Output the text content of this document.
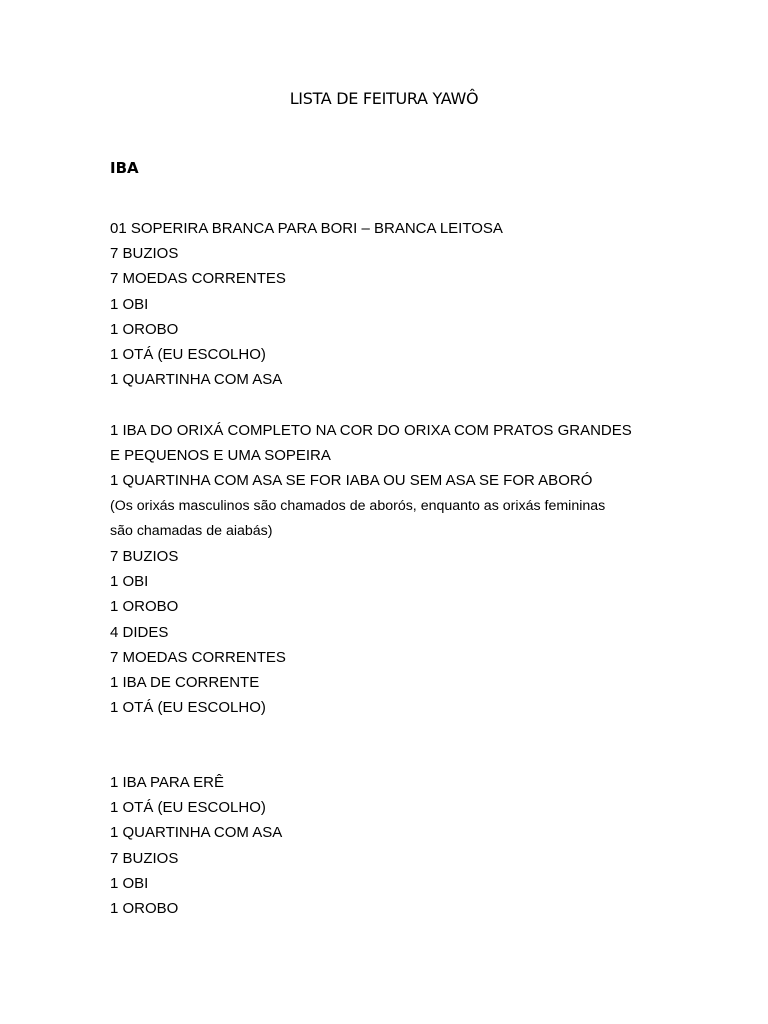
LISTA DE FEITURA YAWÔ
IBA
01 SOPERIRA BRANCA PARA BORI – BRANCA LEITOSA
7 BUZIOS
7 MOEDAS CORRENTES
1 OBI
1 OROBO
1 OTÁ (EU ESCOLHO)
1 QUARTINHA COM ASA
1 IBA DO ORIXÁ COMPLETO NA COR DO ORIXA COM PRATOS GRANDES
E PEQUENOS E UMA SOPEIRA
1 QUARTINHA COM ASA SE FOR IABA OU SEM ASA SE FOR ABORÓ
(Os orixás masculinos são chamados de aborós, enquanto as orixás femininas
são chamadas de aiabás)
7 BUZIOS
1 OBI
1 OROBO
4 DIDES
7 MOEDAS CORRENTES
1 IBA DE CORRENTE
1 OTÁ (EU ESCOLHO)
1 IBA PARA ERÊ
1 OTÁ (EU ESCOLHO)
1 QUARTINHA COM ASA
7 BUZIOS
1 OBI
1 OROBO
